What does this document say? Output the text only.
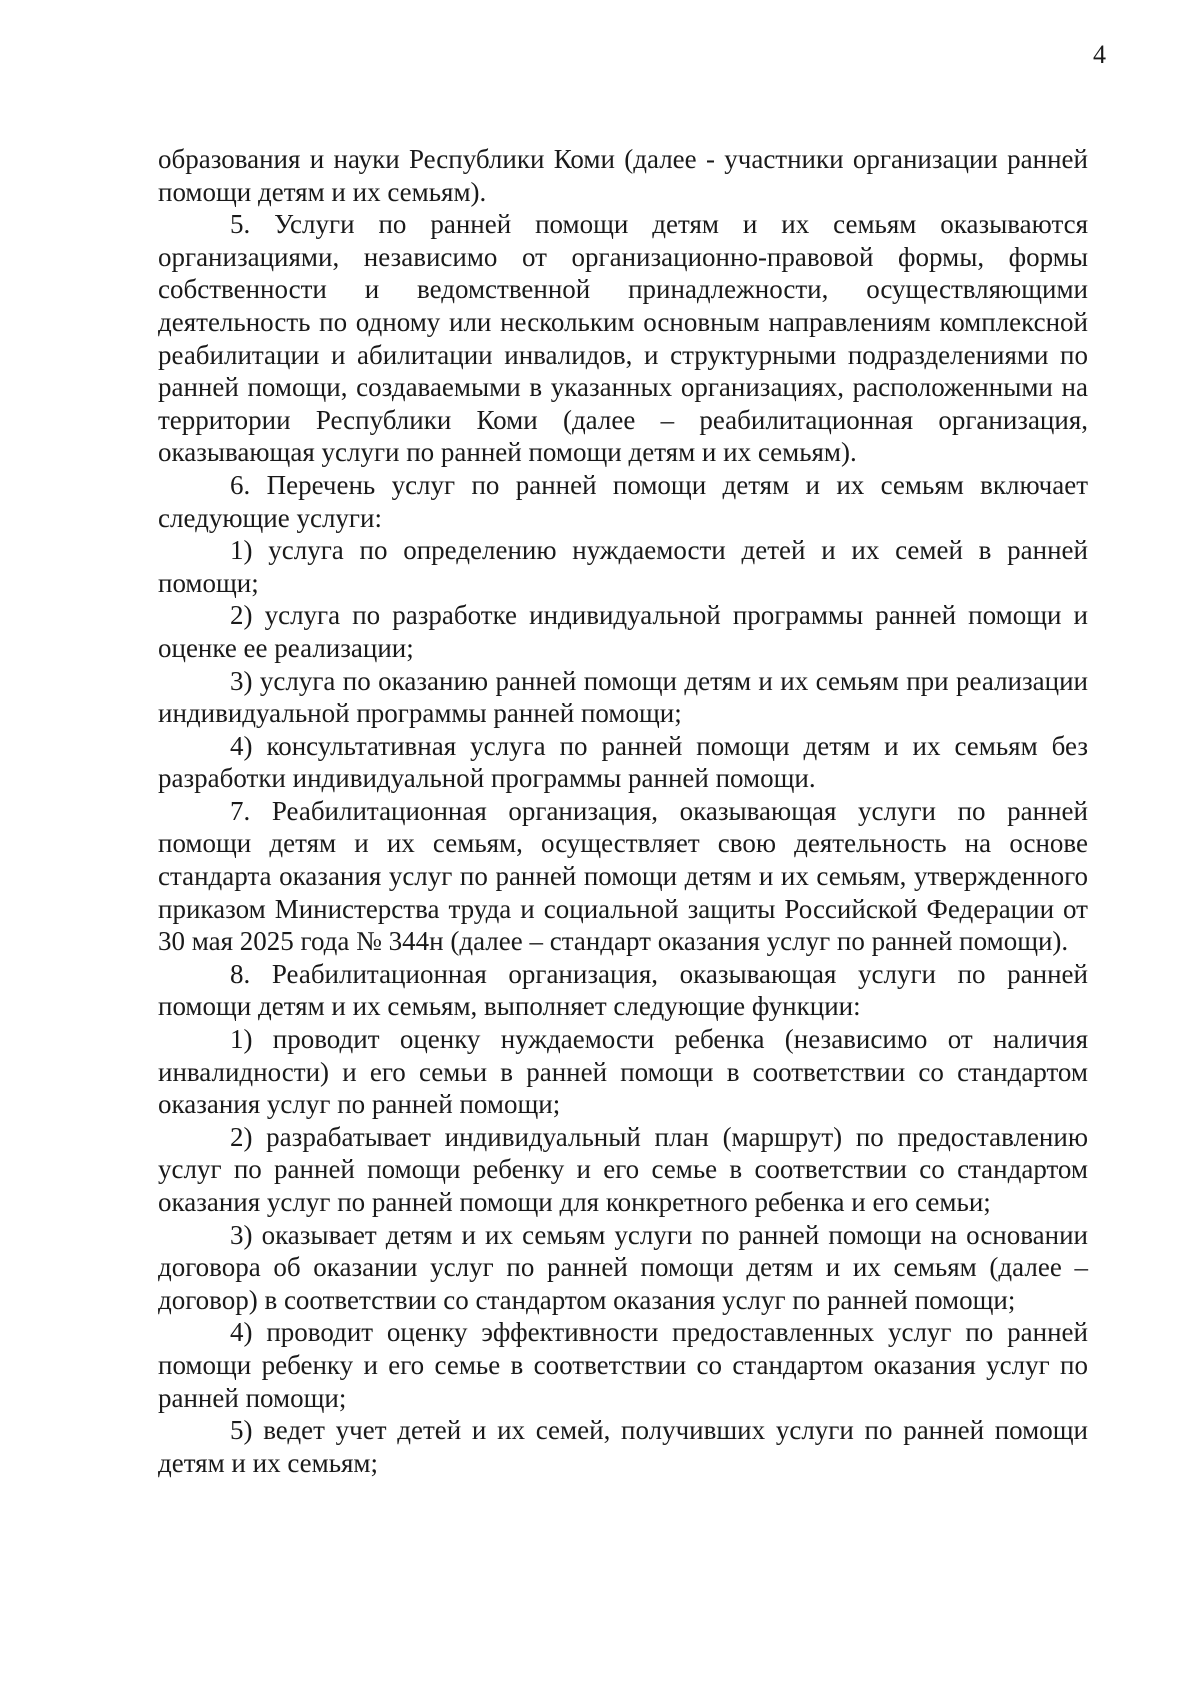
4

образования и науки Республики Коми (далее - участники организации ранней помощи детям и их семьям).

5. Услуги по ранней помощи детям и их семьям оказываются организациями, независимо от организационно-правовой формы, формы собственности и ведомственной принадлежности, осуществляющими деятельность по одному или нескольким основным направлениям комплексной реабилитации и абилитации инвалидов, и структурными подразделениями по ранней помощи, создаваемыми в указанных организациях, расположенными на территории Республики Коми (далее – реабилитационная организация, оказывающая услуги по ранней помощи детям и их семьям).

6. Перечень услуг по ранней помощи детям и их семьям включает следующие услуги:

1) услуга по определению нуждаемости детей и их семей в ранней помощи;

2) услуга по разработке индивидуальной программы ранней помощи и оценке ее реализации;

3) услуга по оказанию ранней помощи детям и их семьям при реализации индивидуальной программы ранней помощи;

4) консультативная услуга по ранней помощи детям и их семьям без разработки индивидуальной программы ранней помощи.

7. Реабилитационная организация, оказывающая услуги по ранней помощи детям и их семьям, осуществляет свою деятельность на основе стандарта оказания услуг по ранней помощи детям и их семьям, утвержденного приказом Министерства труда и социальной защиты Российской Федерации от 30 мая 2025 года № 344н (далее – стандарт оказания услуг по ранней помощи).

8. Реабилитационная организация, оказывающая услуги по ранней помощи детям и их семьям, выполняет следующие функции:

1) проводит оценку нуждаемости ребенка (независимо от наличия инвалидности) и его семьи в ранней помощи в соответствии со стандартом оказания услуг по ранней помощи;

2) разрабатывает индивидуальный план (маршрут) по предоставлению услуг по ранней помощи ребенку и его семье в соответствии со стандартом оказания услуг по ранней помощи для конкретного ребенка и его семьи;

3) оказывает детям и их семьям услуги по ранней помощи на основании договора об оказании услуг по ранней помощи детям и их семьям (далее – договор) в соответствии со стандартом оказания услуг по ранней помощи;

4) проводит оценку эффективности предоставленных услуг по ранней помощи ребенку и его семье в соответствии со стандартом оказания услуг по ранней помощи;

5) ведет учет детей и их семей, получивших услуги по ранней помощи детям и их семьям;
